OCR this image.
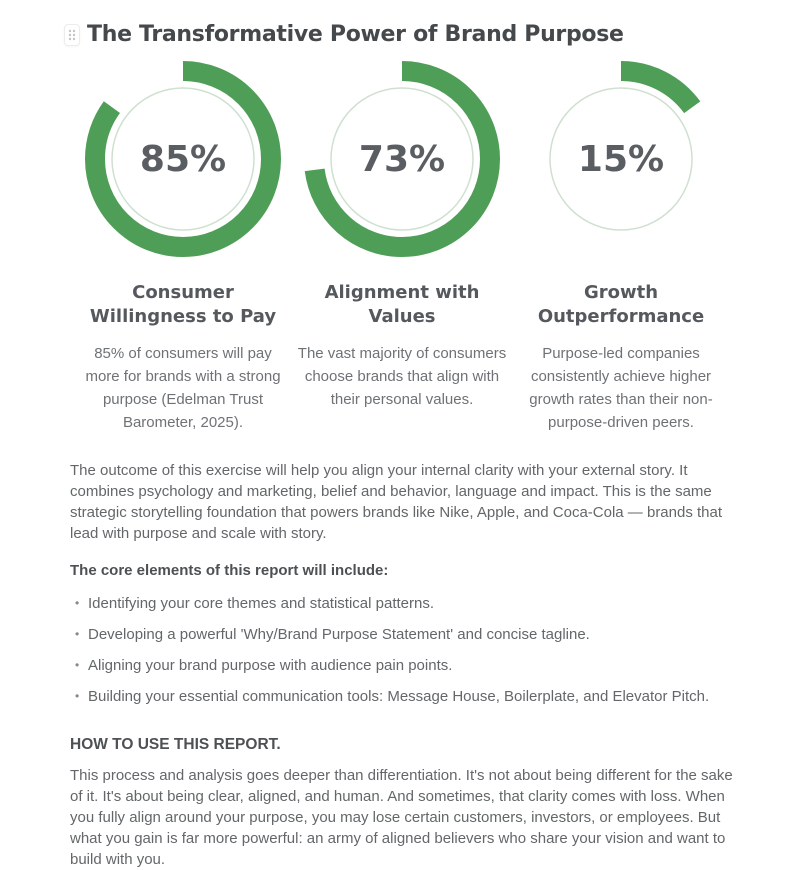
The Transformative Power of Brand Purpose
85%
Consumer
Willingness to Pay
85% of consumers will pay more for brands with a strong purpose (Edelman Trust Barometer, 2025).
73%
Alignment with
Values
The vast majority of consumers choose brands that align with their personal values.
15%
Growth
Outperformance
Purpose-led companies consistently achieve higher growth rates than their non-purpose-driven peers.

The outcome of this exercise will help you align your internal clarity with your external story. It combines psychology and marketing, belief and behavior, language and impact. This is the same strategic storytelling foundation that powers brands like Nike, Apple, and Coca-Cola — brands that lead with purpose and scale with story.

The core elements of this report will include:

• Identifying your core themes and statistical patterns.
• Developing a powerful 'Why/Brand Purpose Statement' and concise tagline.
• Aligning your brand purpose with audience pain points.
• Building your essential communication tools: Message House, Boilerplate, and Elevator Pitch.

HOW TO USE THIS REPORT.

This process and analysis goes deeper than differentiation. It's not about being different for the sake of it. It's about being clear, aligned, and human. And sometimes, that clarity comes with loss. When you fully align around your purpose, you may lose certain customers, investors, or employees. But what you gain is far more powerful: an army of aligned believers who share your vision and want to build with you.
